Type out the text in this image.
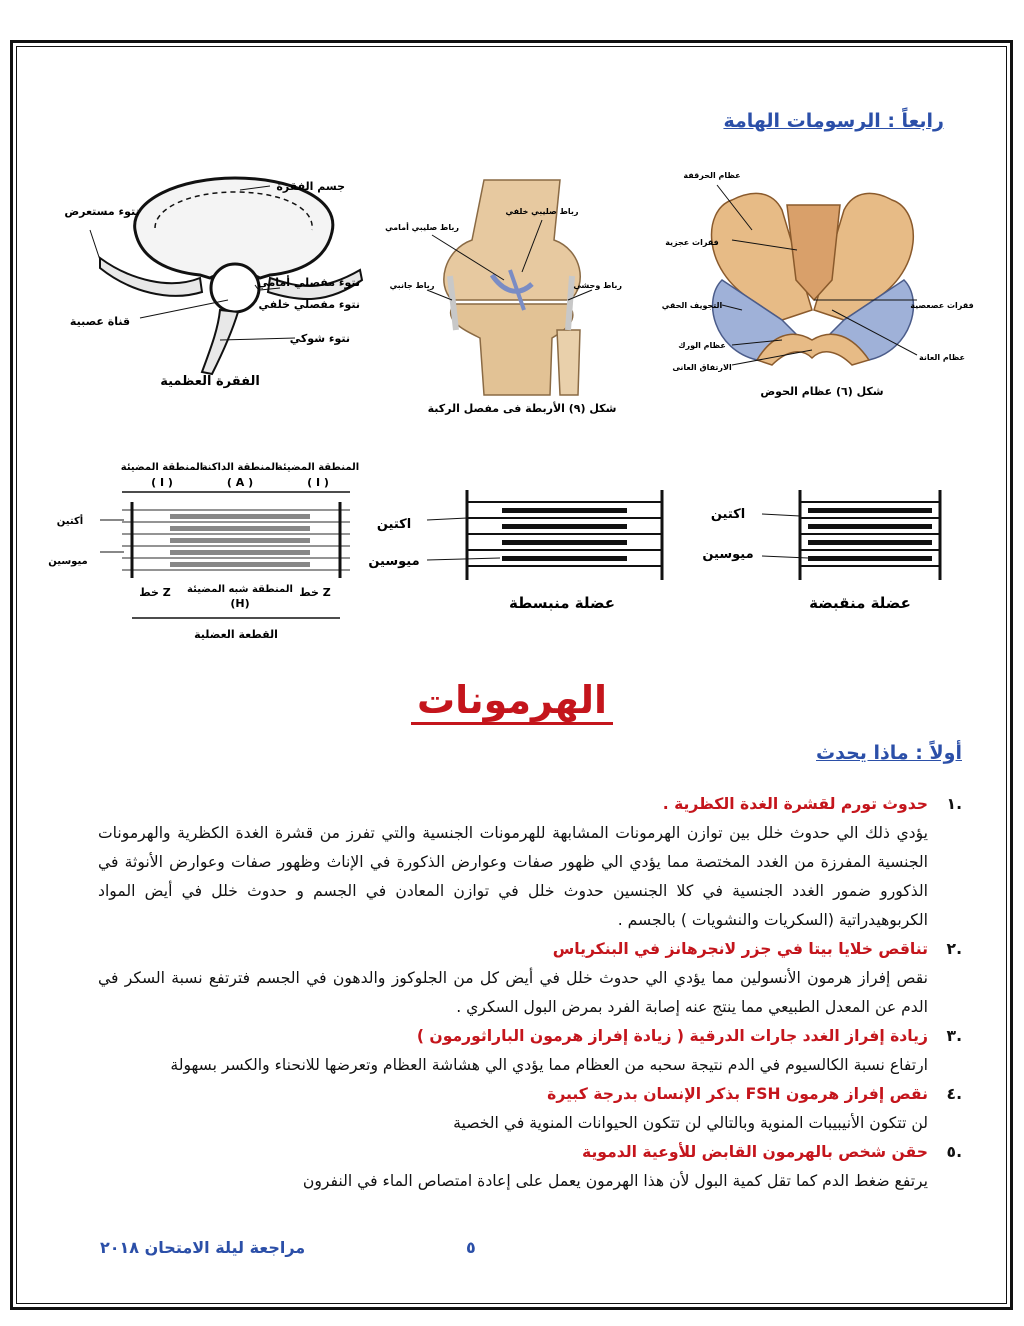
رابعاً : الرسومات الهامة
جسم الفقرة
نتوء مستعرض
نتوء مفصلي أمامي
نتوء مفصلي خلفي
قناة عصبية
نتوء شوكي
الفقرة العظمية
رباط صليبي خلفي
رباط صليبي أمامي
رباط وحشي
رباط جانبي
شكل (٩) الأربطة فى مفصل الركبة
عظام الحرقفة
فقرات عجزية
فقرات عصعصية
التجويف الحقي
عظام الورك
عظام العانة
الارتفاق العانى
شكل (٦) عظام الحوض
المنطقة المضيئة
المنطقة الداكنة
المنطقة المضيئة
( I )	( A )	( I )
أكتين
ميوسين
خط Z	خط Z
المنطقة شبه المضيئة
(H)
القطعة العضلية
اكتين
ميوسين
عضلة منبسطة
اكتين
ميوسين
عضلة منقبضة
الهرمونات
أولاً : ماذا يحدث
.١
حدوث تورم لقشرة الغدة الكظرية .
يؤدي ذلك الي حدوث خلل بين توازن الهرمونات المشابهة للهرمونات الجنسية والتي تفرز من قشرة الغدة الكظرية والهرمونات الجنسية المفرزة من الغدد المختصة مما يؤدي الي ظهور صفات وعوارض الذكورة في الإناث وظهور صفات وعوارض الأنوثة في الذكورو ضمور الغدد الجنسية في كلا الجنسين حدوث خلل في توازن المعادن في الجسم و حدوث خلل في أيض المواد الكربوهيدراتية (السكريات والنشويات ) بالجسم .
.٢
تناقص خلايا بيتا في جزر لانجرهانز في البنكرياس
نقص إفراز هرمون الأنسولين مما يؤدي الي حدوث خلل في أيض كل من الجلوكوز والدهون في الجسم فترتفع نسبة السكر في الدم عن المعدل الطبيعي مما ينتج عنه إصابة الفرد بمرض البول السكري .
.٣
زيادة إفراز الغدد جارات الدرقية ( زيادة إفراز هرمون الباراثورمون )
ارتفاع نسبة الكالسيوم في الدم نتيجة سحبه من العظام مما يؤدي الي هشاشة العظام وتعرضها للانحناء والكسر بسهولة
.٤
نقص إفراز هرمون FSH بذكر الإنسان بدرجة كبيرة
لن تتكون الأنيبيبات المنوية وبالتالي لن تتكون الحيوانات المنوية في الخصية
.٥
حقن شخص بالهرمون القابض للأوعية الدموية
يرتفع ضغط الدم كما تقل كمية البول لأن هذا الهرمون يعمل على إعادة امتصاص الماء في النفرون
مراجعة ليلة الامتحان ٢٠١٨	٥
